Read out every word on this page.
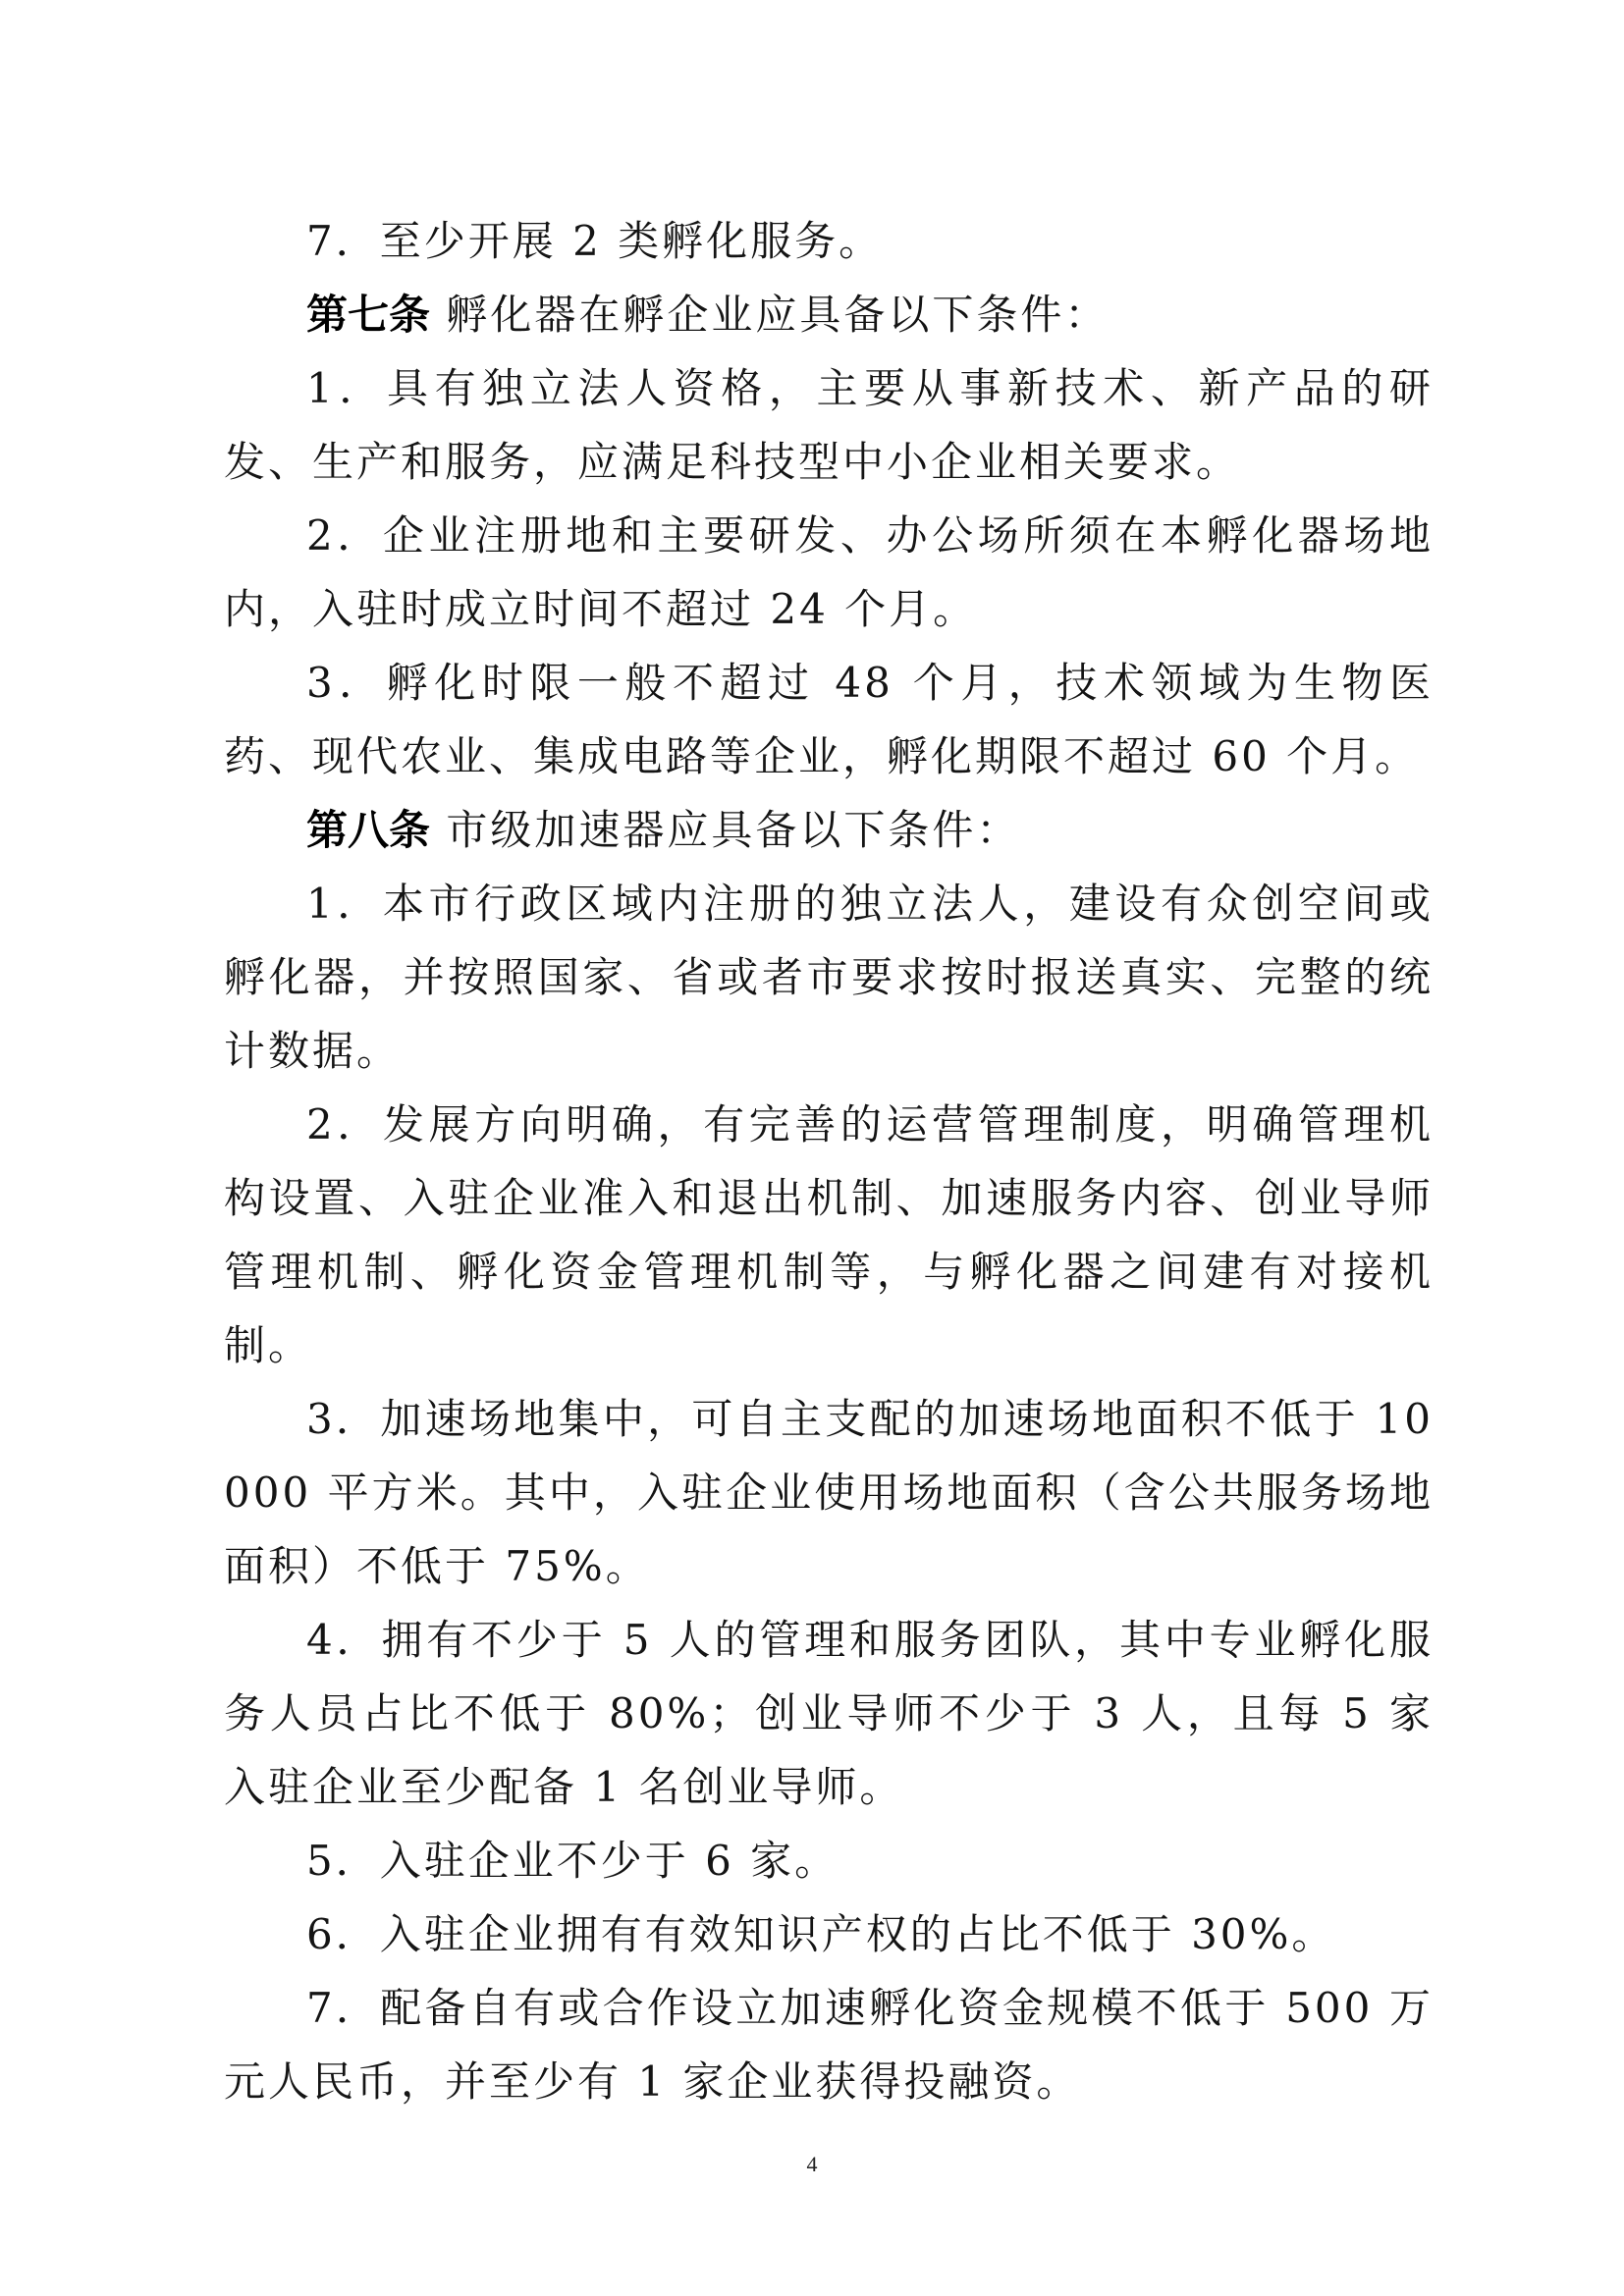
7．至少开展 2 类孵化服务。

第七条 孵化器在孵企业应具备以下条件：

1．具有独立法人资格，主要从事新技术、新产品的研发、生产和服务，应满足科技型中小企业相关要求。

2．企业注册地和主要研发、办公场所须在本孵化器场地内，入驻时成立时间不超过 24 个月。

3．孵化时限一般不超过 48 个月，技术领域为生物医药、现代农业、集成电路等企业，孵化期限不超过 60 个月。

第八条 市级加速器应具备以下条件：

1．本市行政区域内注册的独立法人，建设有众创空间或孵化器，并按照国家、省或者市要求按时报送真实、完整的统计数据。

2．发展方向明确，有完善的运营管理制度，明确管理机构设置、入驻企业准入和退出机制、加速服务内容、创业导师管理机制、孵化资金管理机制等，与孵化器之间建有对接机制。

3．加速场地集中，可自主支配的加速场地面积不低于 10000 平方米。其中，入驻企业使用场地面积（含公共服务场地面积）不低于 75%。

4．拥有不少于 5 人的管理和服务团队，其中专业孵化服务人员占比不低于 80%；创业导师不少于 3 人，且每 5 家入驻企业至少配备 1 名创业导师。

5．入驻企业不少于 6 家。

6．入驻企业拥有有效知识产权的占比不低于 30%。

7．配备自有或合作设立加速孵化资金规模不低于 500 万元人民币，并至少有 1 家企业获得投融资。

4
